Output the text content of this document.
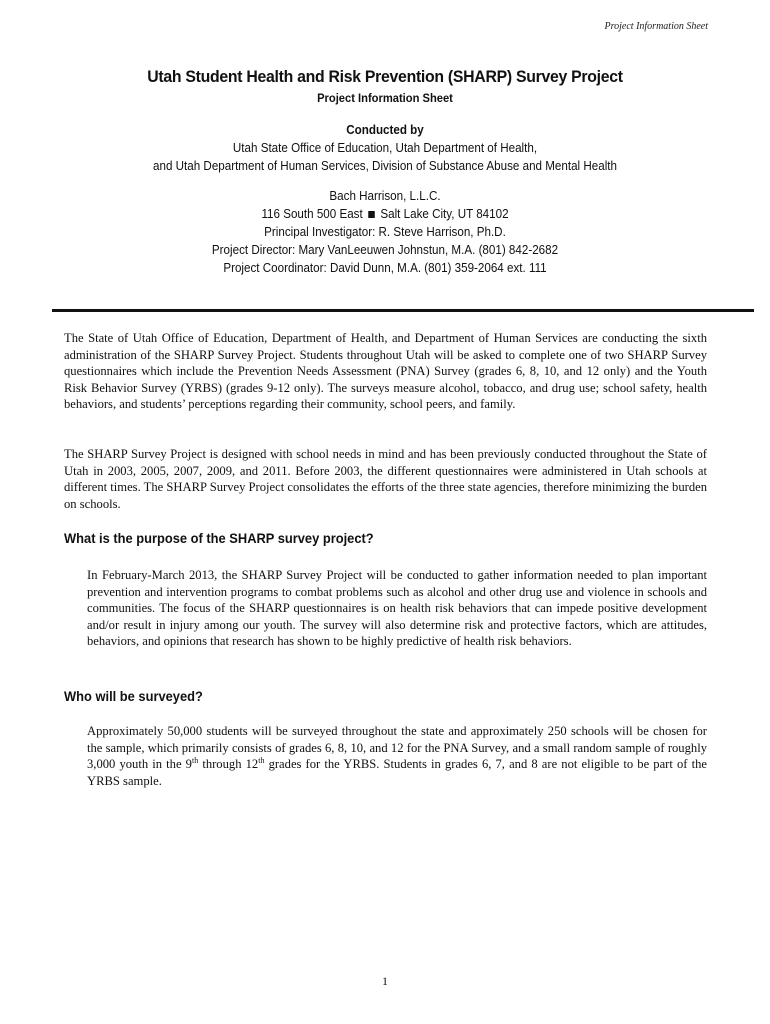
Project Information Sheet
Utah Student Health and Risk Prevention (SHARP) Survey Project
Project Information Sheet
Conducted by
Utah State Office of Education, Utah Department of Health,
and Utah Department of Human Services, Division of Substance Abuse and Mental Health
Bach Harrison, L.L.C.
116 South 500 East Salt Lake City, UT 84102
Principal Investigator: R. Steve Harrison, Ph.D.
Project Director: Mary VanLeeuwen Johnstun, M.A. (801) 842-2682
Project Coordinator: David Dunn, M.A. (801) 359-2064 ext. 111

The State of Utah Office of Education, Department of Health, and Department of Human Services are conducting the sixth administration of the SHARP Survey Project. Students throughout Utah will be asked to complete one of two SHARP Survey questionnaires which include the Prevention Needs Assessment (PNA) Survey (grades 6, 8, 10, and 12 only) and the Youth Risk Behavior Survey (YRBS) (grades 9-12 only). The surveys measure alcohol, tobacco, and drug use; school safety, health behaviors, and students’ perceptions regarding their community, school peers, and family.

The SHARP Survey Project is designed with school needs in mind and has been previously conducted throughout the State of Utah in 2003, 2005, 2007, 2009, and 2011. Before 2003, the different questionnaires were administered in Utah schools at different times. The SHARP Survey Project consolidates the efforts of the three state agencies, therefore minimizing the burden on schools.

What is the purpose of the SHARP survey project?

In February-March 2013, the SHARP Survey Project will be conducted to gather information needed to plan important prevention and intervention programs to combat problems such as alcohol and other drug use and violence in schools and communities. The focus of the SHARP questionnaires is on health risk behaviors that can impede positive development and/or result in injury among our youth. The survey will also determine risk and protective factors, which are attitudes, behaviors, and opinions that research has shown to be highly predictive of health risk behaviors.

Who will be surveyed?

Approximately 50,000 students will be surveyed throughout the state and approximately 250 schools will be chosen for the sample, which primarily consists of grades 6, 8, 10, and 12 for the PNA Survey, and a small random sample of roughly 3,000 youth in the 9th through 12th grades for the YRBS. Students in grades 6, 7, and 8 are not eligible to be part of the YRBS sample.

1
